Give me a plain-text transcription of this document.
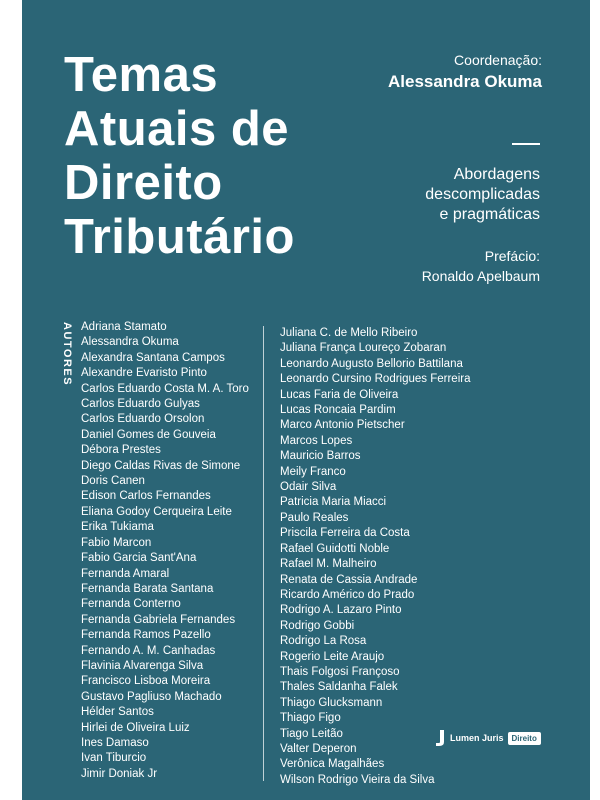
Temas
Atuais de
Direito
Tributário
Coordenação:
Alessandra Okuma
Abordagens
descomplicadas
e pragmáticas
Prefácio:
Ronaldo Apelbaum
AUTORES Adriana Stamato
Alessandra Okuma
Alexandra Santana Campos
Alexandre Evaristo Pinto
Carlos Eduardo Costa M. A. Toro
Carlos Eduardo Gulyas
Carlos Eduardo Orsolon
Daniel Gomes de Gouveia
Débora Prestes
Diego Caldas Rivas de Simone
Doris Canen
Edison Carlos Fernandes
Eliana Godoy Cerqueira Leite
Erika Tukiama
Fabio Marcon
Fabio Garcia Sant'Ana
Fernanda Amaral
Fernanda Barata Santana
Fernanda Conterno
Fernanda Gabriela Fernandes
Fernanda Ramos Pazello
Fernando A. M. Canhadas
Flavinia Alvarenga Silva
Francisco Lisboa Moreira
Gustavo Pagliuso Machado
Hélder Santos
Hirlei de Oliveira Luiz
Ines Damaso
Ivan Tiburcio
Jimir Doniak Jr
Juliana C. de Mello Ribeiro
Juliana França Loureço Zobaran
Leonardo Augusto Bellorio Battilana
Leonardo Cursino Rodrigues Ferreira
Lucas Faria de Oliveira
Lucas Roncaia Pardim
Marco Antonio Pietscher
Marcos Lopes
Mauricio Barros
Meily Franco
Odair Silva
Patricia Maria Miacci
Paulo Reales
Priscila Ferreira da Costa
Rafael Guidotti Noble
Rafael M. Malheiro
Renata de Cassia Andrade
Ricardo Américo do Prado
Rodrigo A. Lazaro Pinto
Rodrigo Gobbi
Rodrigo La Rosa
Rogerio Leite Araujo
Thais Folgosi Françoso
Thales Saldanha Falek
Thiago Glucksmann
Thiago Figo
Tiago Leitão
Valter Deperon
Verônica Magalhães
Wilson Rodrigo Vieira da Silva
Lumen Juris	Direito
